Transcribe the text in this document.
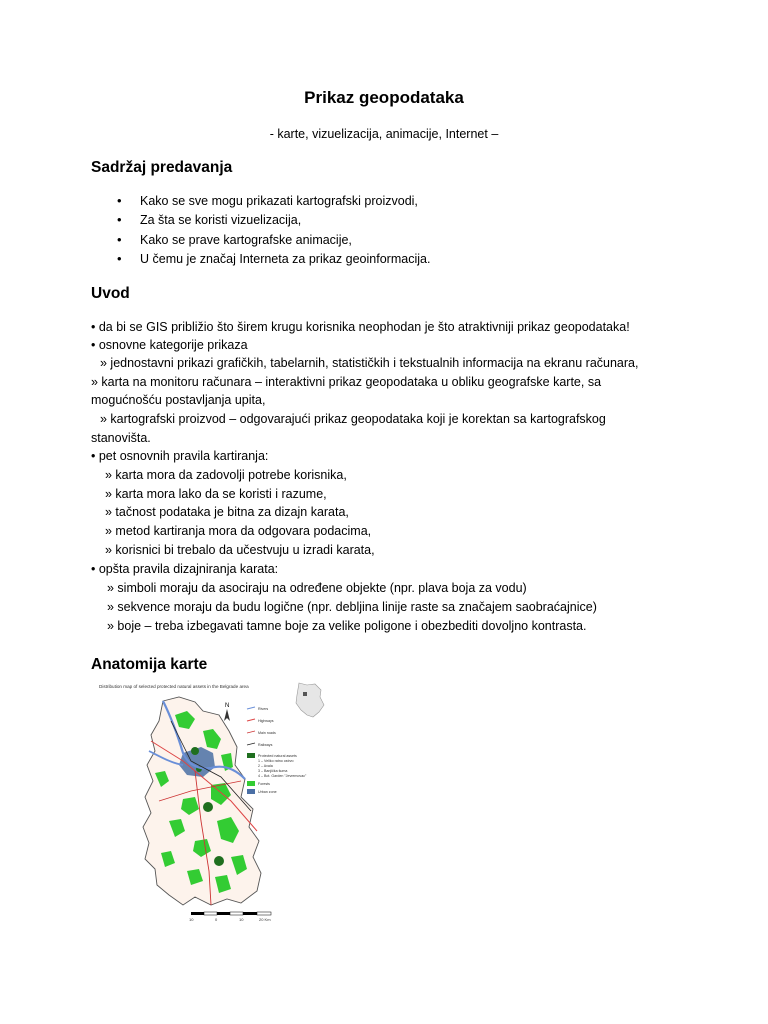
Prikaz geopodataka
- karte, vizuelizacija, animacije, Internet –
Sadržaj predavanja
• Kako se sve mogu prikazati kartografski proizvodi,
• Za šta se koristi vizuelizacija,
• Kako se prave kartografske animacije,
• U čemu je značaj Interneta za prikaz geoinformacija.
Uvod
• da bi se GIS približio što širem krugu korisnika neophodan je što atraktivniji prikaz geopodataka!
• osnovne kategorije prikaza
» jednostavni prikazi grafičkih, tabelarnih, statističkih i tekstualnih informacija na ekranu računara,
» karta na monitoru računara – interaktivni prikaz geopodataka u obliku geografske karte, sa
mogućnošću postavljanja upita,
» kartografski proizvod – odgovarajući prikaz geopodataka koji je korektan sa kartografskog
stanovišta.
• pet osnovnih pravila kartiranja:
» karta mora da zadovolji potrebe korisnika,
» karta mora lako da se koristi i razume,
» tačnost podataka je bitna za dizajn karata,
» metod kartiranja mora da odgovara podacima,
» korisnici bi trebalo da učestvuju u izradi karata,
• opšta pravila dizajniranja karata:
» simboli moraju da asociraju na određene objekte (npr. plava boja za vodu)
» sekvence moraju da budu logične (npr. debljina linije raste sa značajem saobraćajnice)
» boje – treba izbegavati tamne boje za velike poligone i obezbediti dovoljno kontrasta.
Anatomija karte
Distribution map of selected protected natural assets in the Belgrade area
N	Rivers
Highways
Main roads
Railways
Protected natural assets
1 – Veliko ratno ostrvo
2 – Avala
3 – Banjička šuma
4 – Bot. Garden "Jevremovac"
Forests
Urban zone
10	0	10	20 Km
